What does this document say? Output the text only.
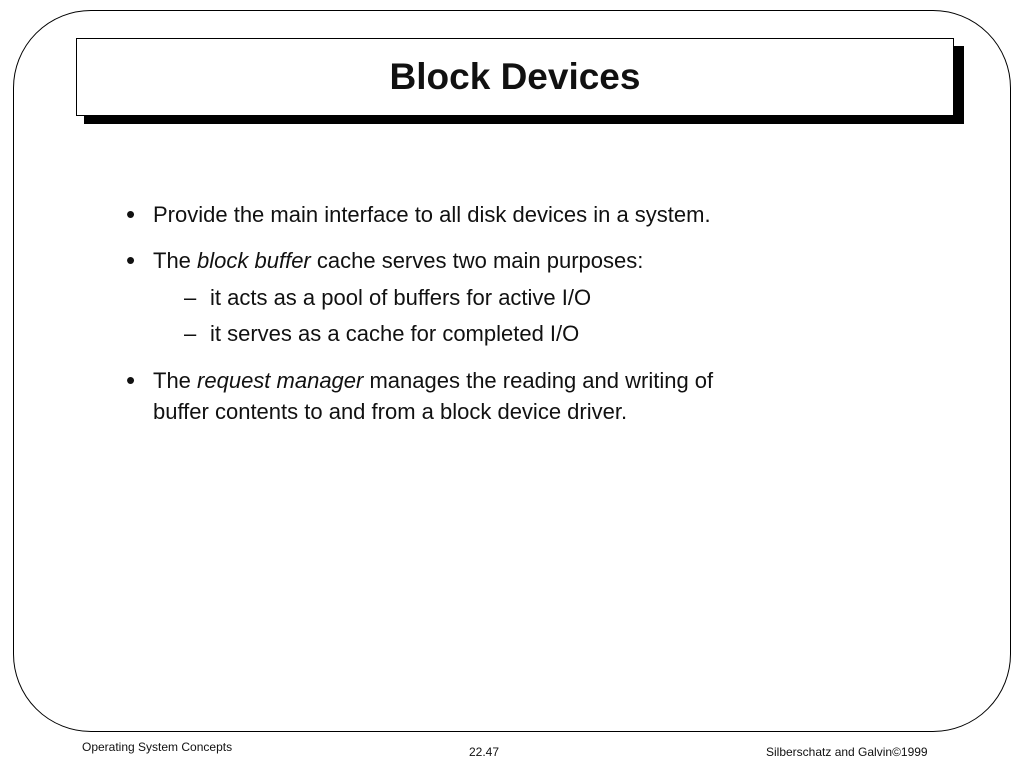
Block Devices
• Provide the main interface to all disk devices in a system.
• The block buffer cache serves two main purposes:
– it acts as a pool of buffers for active I/O
– it serves as a cache for completed I/O
• The request manager manages the reading and writing of
buffer contents to and from a block device driver.
Operating System Concepts	22.47	Silberschatz and Galvin©1999
